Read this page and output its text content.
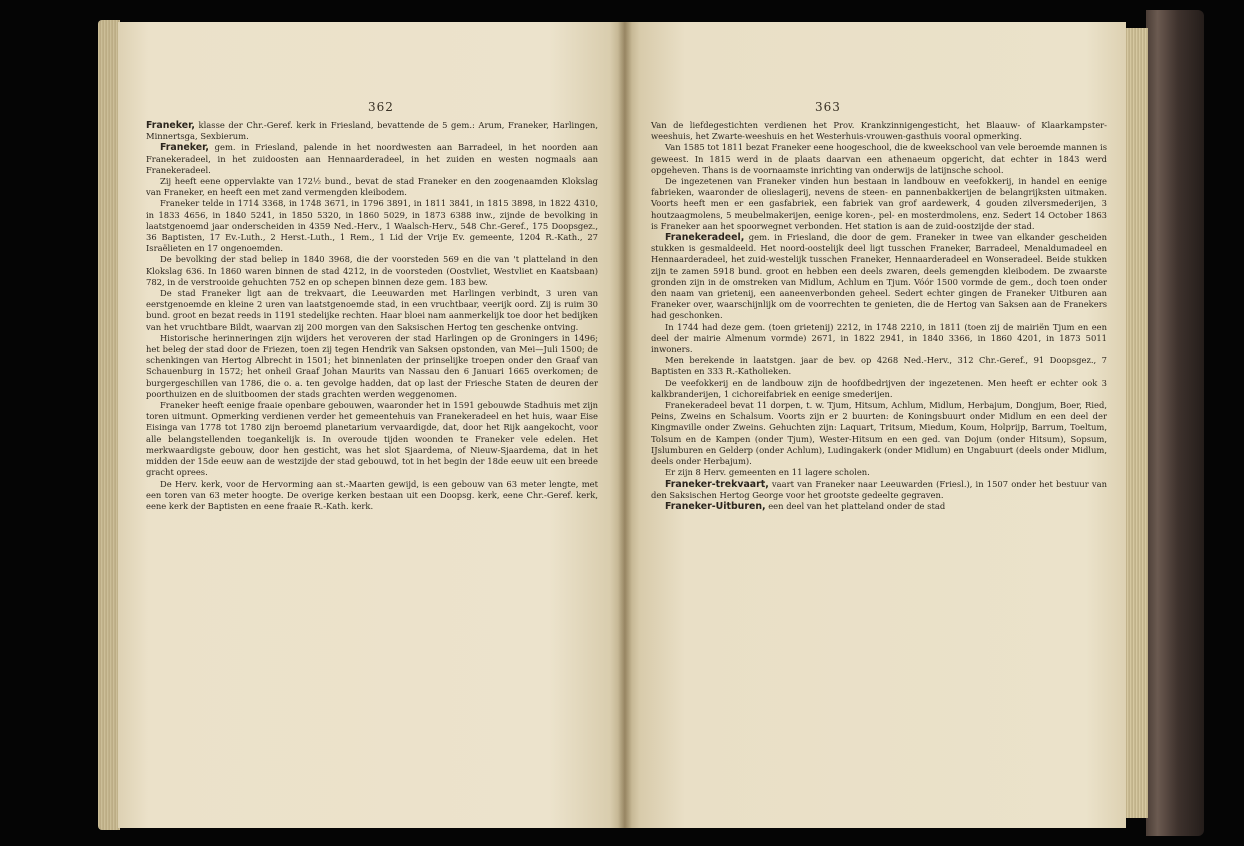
362

Franeker, klasse der Chr.-Geref. kerk in Friesland, bevattende de 5 gem.: Arum, Franeker, Harlingen, Minnertsga, Sexbierum.

Franeker, gem. in Friesland, palende in het noordwesten aan Barradeel, in het noorden aan Franekeradeel, in het zuidoosten aan Hennaarderadeel, in het zuiden en westen nogmaals aan Franekeradeel.

Zij heeft eene oppervlakte van 172½ bund., bevat de stad Franeker en den zoogenaamden Klokslag van Franeker, en heeft een met zand vermengden kleibodem.

Franeker telde in 1714 3368, in 1748 3671, in 1796 3891, in 1811 3841, in 1815 3898, in 1822 4310, in 1833 4656, in 1840 5241, in 1850 5320, in 1860 5029, in 1873 6388 inw., zijnde de bevolking in laatstgenoemd jaar onderscheiden in 4359 Ned.-Herv., 1 Waalsch-Herv., 548 Chr.-Geref., 175 Doopsgez., 36 Baptisten, 17 Ev.-Luth., 2 Herst.-Luth., 1 Rem., 1 Lid der Vrije Ev. gemeente, 1204 R.-Kath., 27 Israëlieten en 17 ongenoemden.

De bevolking der stad beliep in 1840 3968, die der voorsteden 569 en die van 't platteland in den Klokslag 636. In 1860 waren binnen de stad 4212, in de voorsteden (Oostvliet, Westvliet en Kaatsbaan) 782, in de verstrooide gehuchten 752 en op schepen binnen deze gem. 183 bew.

De stad Franeker ligt aan de trekvaart, die Leeuwarden met Harlingen verbindt, 3 uren van eerstgenoemde en kleine 2 uren van laatstgenoemde stad, in een vruchtbaar, veerijk oord. Zij is ruim 30 bund. groot en bezat reeds in 1191 stedelijke rechten. Haar bloei nam aanmerkelijk toe door het bedijken van het vruchtbare Bildt, waarvan zij 200 morgen van den Saksischen Hertog ten geschenke ontving.

Historische herinneringen zijn wijders het veroveren der stad Harlingen op de Groningers in 1496; het beleg der stad door de Friezen, toen zij tegen Hendrik van Saksen opstonden, van Mei—Juli 1500; de schenkingen van Hertog Albrecht in 1501; het binnenlaten der prinselijke troepen onder den Graaf van Schauenburg in 1572; het onheil Graaf Johan Maurits van Nassau den 6 Januari 1665 overkomen; de burgergeschillen van 1786, die o. a. ten gevolge hadden, dat op last der Friesche Staten de deuren der poorthuizen en de sluitboomen der stads grachten werden weggenomen.

Franeker heeft eenige fraaie openbare gebouwen, waaronder het in 1591 gebouwde Stadhuis met zijn toren uitmunt. Opmerking verdienen verder het gemeentehuis van Franekeradeel en het huis, waar Eise Eisinga van 1778 tot 1780 zijn beroemd planetarium vervaardigde, dat, door het Rijk aangekocht, voor alle belangstellenden toegankelijk is. In overoude tijden woonden te Franeker vele edelen. Het merkwaardigste gebouw, door hen gesticht, was het slot Sjaardema, of Nieuw-Sjaardema, dat in het midden der 15de eeuw aan de westzijde der stad gebouwd, tot in het begin der 18de eeuw uit een breede gracht oprees.

De Herv. kerk, voor de Hervorming aan st.-Maarten gewijd, is een gebouw van 63 meter lengte, met een toren van 63 meter hoogte. De overige kerken bestaan uit een Doopsg. kerk, eene Chr.-Geref. kerk, eene kerk der Baptisten en eene fraaie R.-Kath. kerk.

363

Van de liefdegestichten verdienen het Prov. Krankzinnigengesticht, het Blaauw- of Klaarkampster-weeshuis, het Zwarte-weeshuis en het Westerhuis-vrouwen-gasthuis vooral opmerking.

Van 1585 tot 1811 bezat Franeker eene hoogeschool, die de kweekschool van vele beroemde mannen is geweest. In 1815 werd in de plaats daarvan een athenaeum opgericht, dat echter in 1843 werd opgeheven. Thans is de voornaamste inrichting van onderwijs de latijnsche school.

De ingezetenen van Franeker vinden hun bestaan in landbouw en veefokkerij, in handel en eenige fabrieken, waaronder de olieslagerij, nevens de steen- en pannenbakkerijen de belangrijksten uitmaken. Voorts heeft men er een gasfabriek, een fabriek van grof aardewerk, 4 gouden zilversmederijen, 3 houtzaagmolens, 5 meubelmakerijen, eenige koren-, pel- en mosterdmolens, enz. Sedert 14 October 1863 is Franeker aan het spoorwegnet verbonden. Het station is aan de zuid-oostzijde der stad.

Franekeradeel, gem. in Friesland, die door de gem. Franeker in twee van elkander gescheiden stukken is gesmaldeeld. Het noord-oostelijk deel ligt tusschen Franeker, Barradeel, Menaldumadeel en Hennaarderadeel, het zuid-westelijk tusschen Franeker, Hennaarderadeel en Wonseradeel. Beide stukken zijn te zamen 5918 bund. groot en hebben een deels zwaren, deels gemengden kleibodem. De zwaarste gronden zijn in de omstreken van Midlum, Achlum en Tjum. Vóór 1500 vormde de gem., doch toen onder den naam van grietenij, een aaneenverbonden geheel. Sedert echter gingen de Franeker Uitburen aan Franeker over, waarschijnlijk om de voorrechten te genieten, die de Hertog van Saksen aan de Franekers had geschonken.

In 1744 had deze gem. (toen grietenij) 2212, in 1748 2210, in 1811 (toen zij de mairiën Tjum en een deel der mairie Almenum vormde) 2671, in 1822 2941, in 1840 3366, in 1860 4201, in 1873 5011 inwoners.

Men berekende in laatstgen. jaar de bev. op 4268 Ned.-Herv., 312 Chr.-Geref., 91 Doopsgez., 7 Baptisten en 333 R.-Katholieken.

De veefokkerij en de landbouw zijn de hoofdbedrijven der ingezetenen. Men heeft er echter ook 3 kalkbranderijen, 1 cichoreifabriek en eenige smederijen.

Franekeradeel bevat 11 dorpen, t. w. Tjum, Hitsum, Achlum, Midlum, Herbajum, Dongjum, Boer, Ried, Peins, Zweins en Schalsum. Voorts zijn er 2 buurten: de Koningsbuurt onder Midlum en een deel der Kingmaville onder Zweins. Gehuchten zijn: Laquart, Tritsum, Miedum, Koum, Holprijp, Barrum, Toeltum, Tolsum en de Kampen (onder Tjum), Wester-Hitsum en een ged. van Dojum (onder Hitsum), Sopsum, IJslumburen en Gelderp (onder Achlum), Ludingakerk (onder Midlum) en Ungabuurt (deels onder Midlum, deels onder Herbajum).

Er zijn 8 Herv. gemeenten en 11 lagere scholen.

Franeker-trekvaart, vaart van Franeker naar Leeuwarden (Friesl.), in 1507 onder het bestuur van den Saksischen Hertog George voor het grootste gedeelte gegraven.

Franeker-Uitburen, een deel van het platteland onder de stad
